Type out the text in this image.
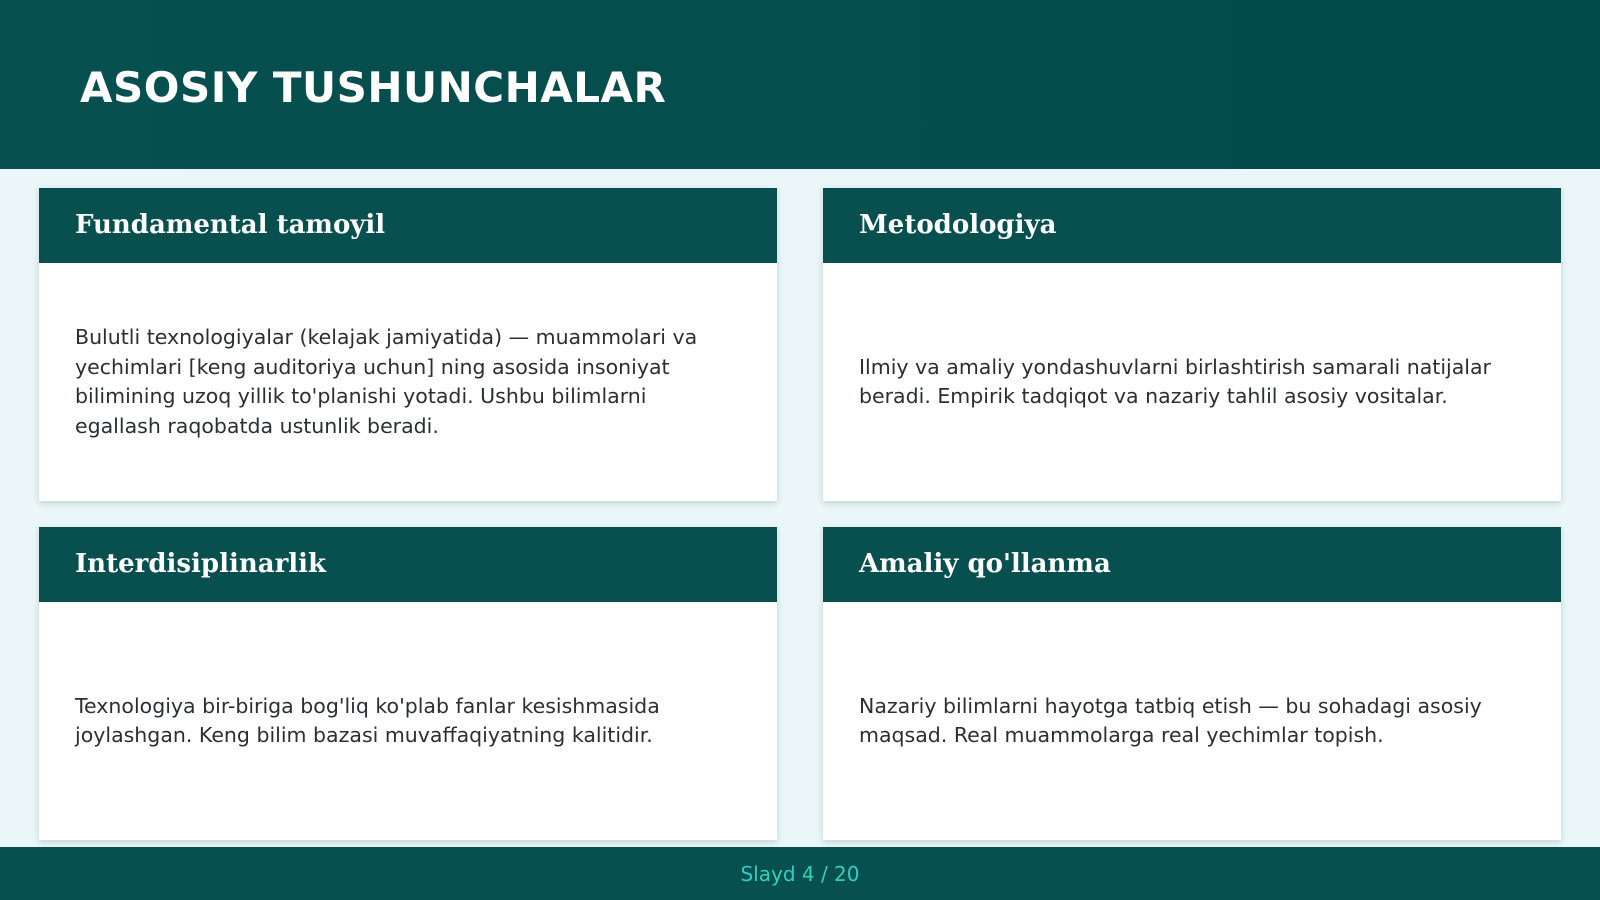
ASOSIY TUSHUNCHALAR
Fundamental tamoyil

Bulutli texnologiyalar (kelajak jamiyatida) — muammolari va yechimlari [keng auditoriya uchun] ning asosida insoniyat bilimining uzoq yillik to'planishi yotadi. Ushbu bilimlarni egallash raqobatda ustunlik beradi.

Metodologiya

Ilmiy va amaliy yondashuvlarni birlashtirish samarali natijalar beradi. Empirik tadqiqot va nazariy tahlil asosiy vositalar.

Interdisiplinarlik

Texnologiya bir-biriga bog'liq ko'plab fanlar kesishmasida joylashgan. Keng bilim bazasi muvaffaqiyatning kalitidir.

Amaliy qo'llanma

Nazariy bilimlarni hayotga tatbiq etish — bu sohadagi asosiy maqsad. Real muammolarga real yechimlar topish.

Slayd 4 / 20
